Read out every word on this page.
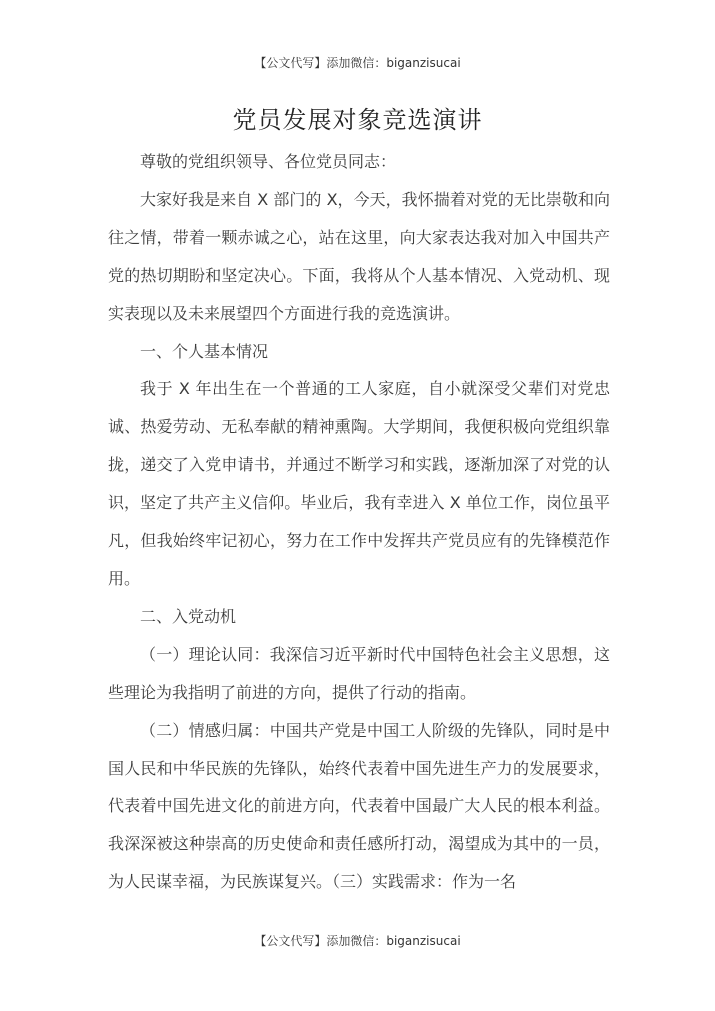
【公文代写】添加微信：biganzisucai
党员发展对象竞选演讲

尊敬的党组织领导、各位党员同志：

大家好我是来自 X 部门的 X，今天，我怀揣着对党的无比崇敬和向往之情，带着一颗赤诚之心，站在这里，向大家表达我对加入中国共产党的热切期盼和坚定决心。下面，我将从个人基本情况、入党动机、现实表现以及未来展望四个方面进行我的竞选演讲。

一、个人基本情况

我于 X 年出生在一个普通的工人家庭，自小就深受父辈们对党忠诚、热爱劳动、无私奉献的精神熏陶。大学期间，我便积极向党组织靠拢，递交了入党申请书，并通过不断学习和实践，逐渐加深了对党的认识，坚定了共产主义信仰。毕业后，我有幸进入 X 单位工作，岗位虽平凡，但我始终牢记初心，努力在工作中发挥共产党员应有的先锋模范作用。

二、入党动机

（一）理论认同：我深信习近平新时代中国特色社会主义思想，这些理论为我指明了前进的方向，提供了行动的指南。

（二）情感归属：中国共产党是中国工人阶级的先锋队，同时是中国人民和中华民族的先锋队，始终代表着中国先进生产力的发展要求，代表着中国先进文化的前进方向，代表着中国最广大人民的根本利益。我深深被这种崇高的历史使命和责任感所打动，渴望成为其中的一员，为人民谋幸福，为民族谋复兴。（三）实践需求：作为一名

【公文代写】添加微信：biganzisucai
